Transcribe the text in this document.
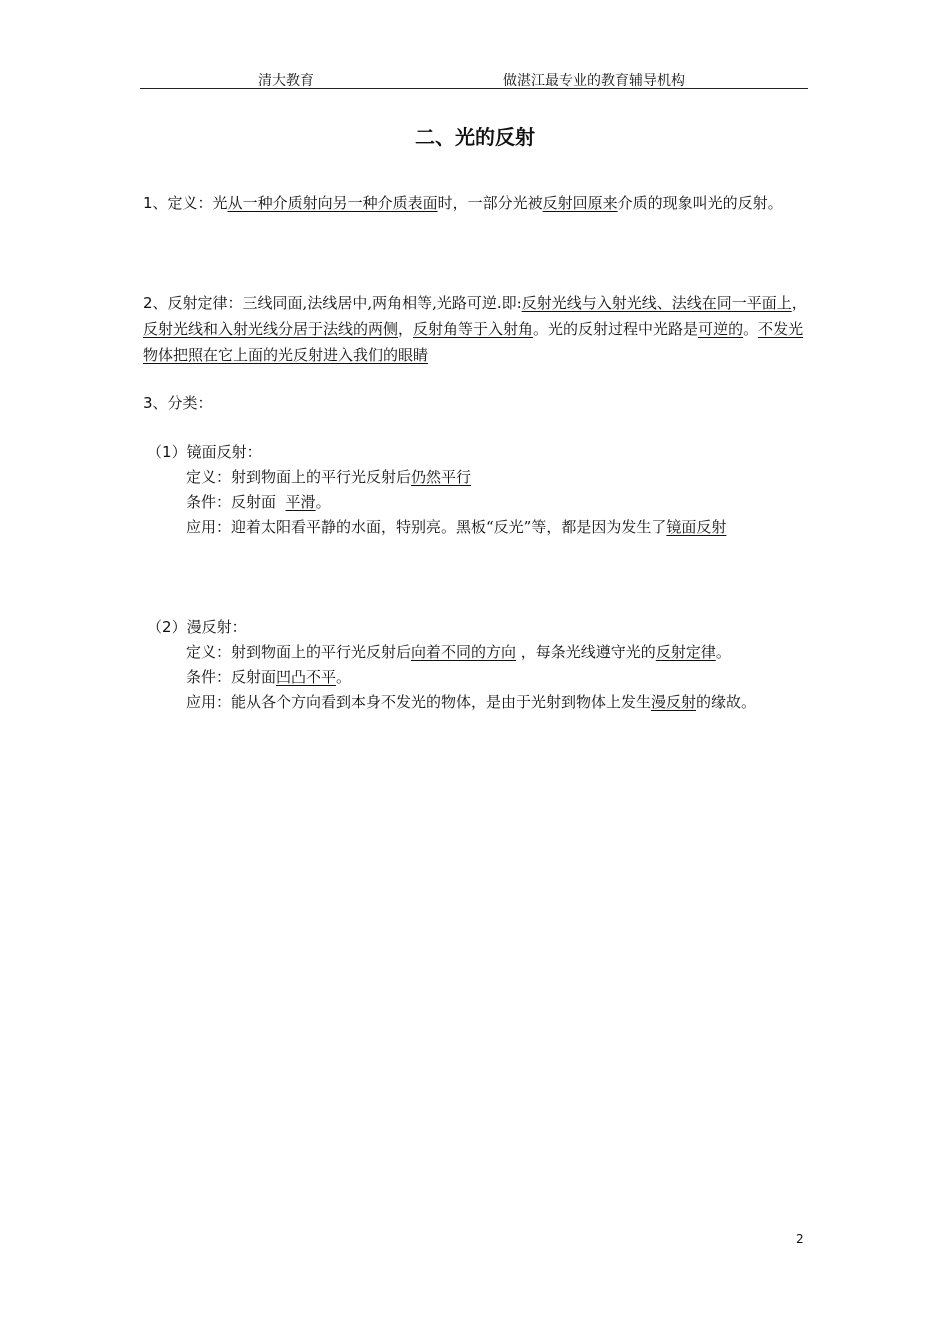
清大教育	做湛江最专业的教育辅导机构
二、光的反射

1、定义：光从一种介质射向另一种介质表面时，一部分光被反射回原来介质的现象叫光的反射。

2、反射定律：三线同面,法线居中,两角相等,光路可逆.即:反射光线与入射光线、法线在同一平面上，反射光线和入射光线分居于法线的两侧，反射角等于入射角。光的反射过程中光路是可逆的。不发光物体把照在它上面的光反射进入我们的眼睛

3、分类：

（1）镜面反射：

定义：射到物面上的平行光反射后仍然平行

条件：反射面  平滑。

应用：迎着太阳看平静的水面，特别亮。黑板“反光”等，都是因为发生了镜面反射

（2）漫反射：

定义：射到物面上的平行光反射后向着不同的方向 ，每条光线遵守光的反射定律。

条件：反射面凹凸不平。

应用：能从各个方向看到本身不发光的物体，是由于光射到物体上发生漫反射的缘故。

2
